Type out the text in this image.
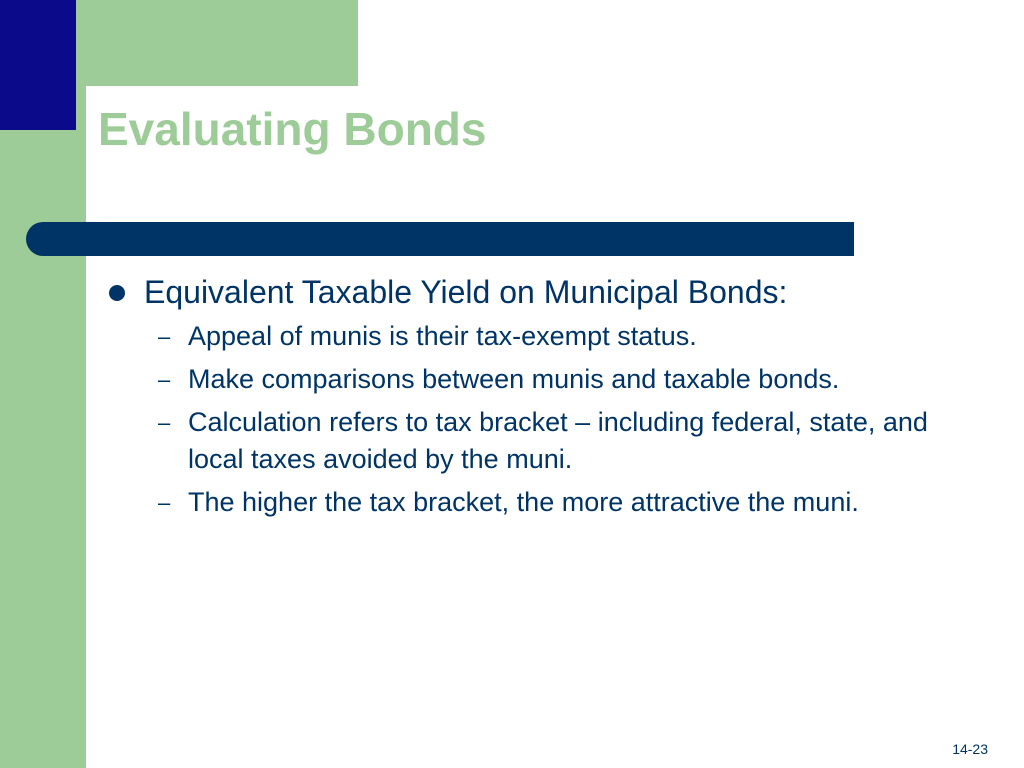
Evaluating Bonds
Equivalent Taxable Yield on Municipal Bonds:
– Appeal of munis is their tax-exempt status.
– Make comparisons between munis and taxable bonds.
– Calculation refers to tax bracket – including federal, state, and local taxes avoided by the muni.
– The higher the tax bracket, the more attractive the muni.
14-23
